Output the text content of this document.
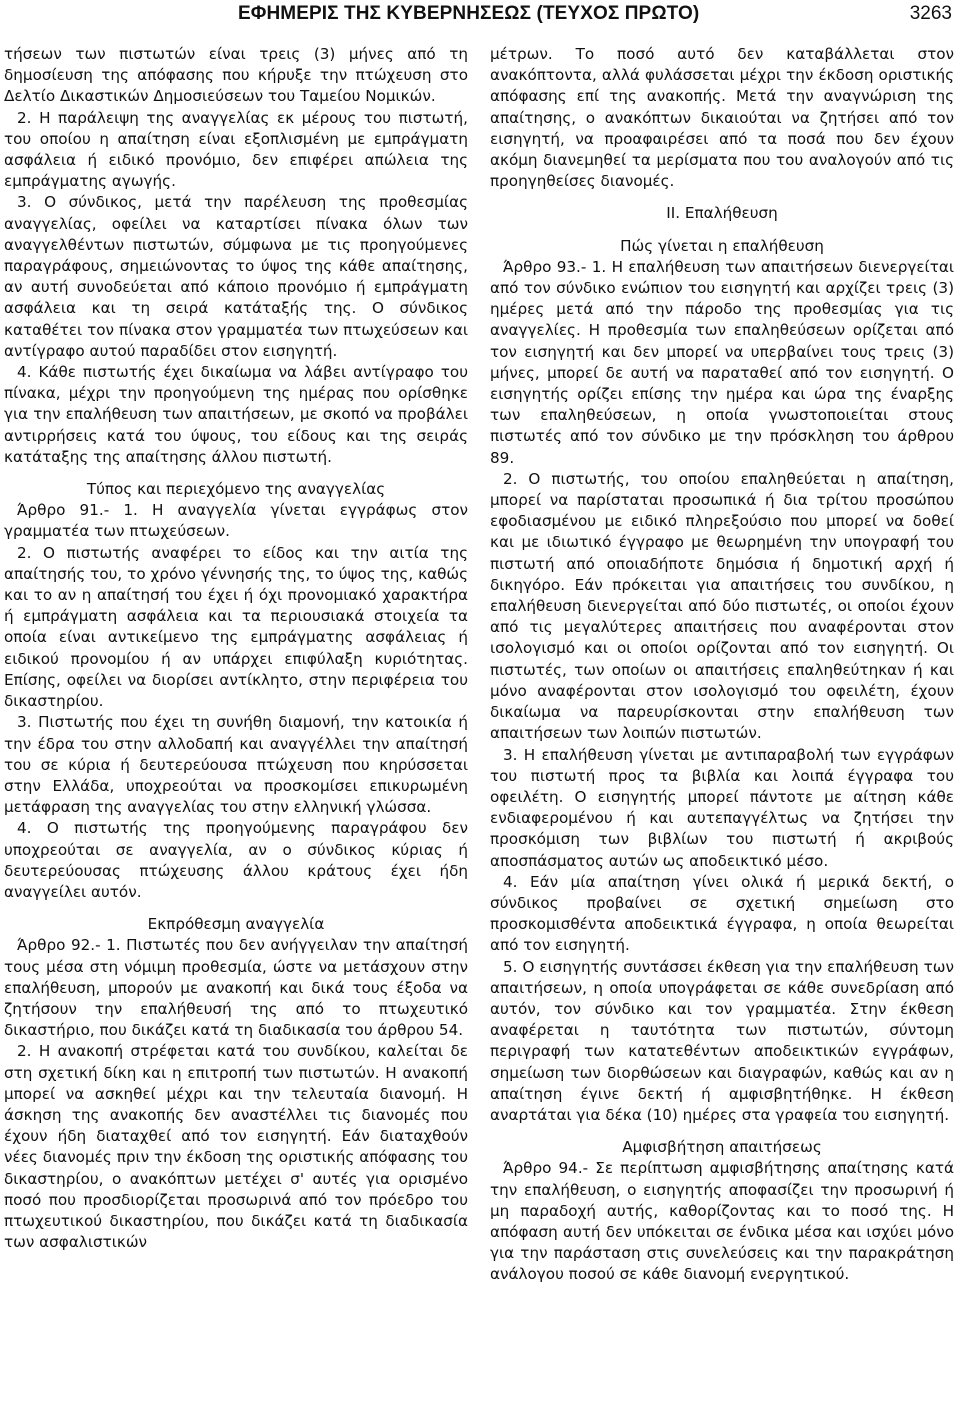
ΕΦΗΜΕΡΙΣ ΤΗΣ ΚΥΒΕΡΝΗΣΕΩΣ (ΤΕΥΧΟΣ ΠΡΩΤΟ)	3263

τήσεων των πιστωτών είναι τρεις (3) μήνες από τη δημοσίευση της απόφασης που κήρυξε την πτώχευση στο Δελτίο Δικαστικών Δημοσιεύσεων του Ταμείου Νομικών.

2. Η παράλειψη της αναγγελίας εκ μέρους του πιστωτή, του οποίου η απαίτηση είναι εξοπλισμένη με εμπράγματη ασφάλεια ή ειδικό προνόμιο, δεν επιφέρει απώλεια της εμπράγματης αγωγής.

3. Ο σύνδικος, μετά την παρέλευση της προθεσμίας αναγγελίας, οφείλει να καταρτίσει πίνακα όλων των αναγγελθέντων πιστωτών, σύμφωνα με τις προηγούμενες παραγράφους, σημειώνοντας το ύψος της κάθε απαίτησης, αν αυτή συνοδεύεται από κάποιο προνόμιο ή εμπράγματη ασφάλεια και τη σειρά κατάταξής της. Ο σύνδικος καταθέτει τον πίνακα στον γραμματέα των πτωχεύσεων και αντίγραφο αυτού παραδίδει στον εισηγητή.

4. Κάθε πιστωτής έχει δικαίωμα να λάβει αντίγραφο του πίνακα, μέχρι την προηγούμενη της ημέρας που ορίσθηκε για την επαλήθευση των απαιτήσεων, με σκοπό να προβάλει αντιρρήσεις κατά του ύψους, του είδους και της σειράς κατάταξης της απαίτησης άλλου πιστωτή.

Τύπος και περιεχόμενο της αναγγελίας

Άρθρο 91.- 1. Η αναγγελία γίνεται εγγράφως στον γραμματέα των πτωχεύσεων.

2. Ο πιστωτής αναφέρει το είδος και την αιτία της απαίτησής του, το χρόνο γέννησής της, το ύψος της, καθώς και το αν η απαίτησή του έχει ή όχι προνομιακό χαρακτήρα ή εμπράγματη ασφάλεια και τα περιουσιακά στοιχεία τα οποία είναι αντικείμενο της εμπράγματης ασφάλειας ή ειδικού προνομίου ή αν υπάρχει επιφύλαξη κυριότητας. Επίσης, οφείλει να διορίσει αντίκλητο, στην περιφέρεια του δικαστηρίου.

3. Πιστωτής που έχει τη συνήθη διαμονή, την κατοικία ή την έδρα του στην αλλοδαπή και αναγγέλλει την απαίτησή του σε κύρια ή δευτερεύουσα πτώχευση που κηρύσσεται στην Ελλάδα, υποχρεούται να προσκομίσει επικυρωμένη μετάφραση της αναγγελίας του στην ελληνική γλώσσα.

4. Ο πιστωτής της προηγούμενης παραγράφου δεν υποχρεούται σε αναγγελία, αν ο σύνδικος κύριας ή δευτερεύουσας πτώχευσης άλλου κράτους έχει ήδη αναγγείλει αυτόν.

Εκπρόθεσμη αναγγελία

Άρθρο 92.- 1. Πιστωτές που δεν ανήγγειλαν την απαίτησή τους μέσα στη νόμιμη προθεσμία, ώστε να μετάσχουν στην επαλήθευση, μπορούν με ανακοπή και δικά τους έξοδα να ζητήσουν την επαλήθευσή της από το πτωχευτικό δικαστήριο, που δικάζει κατά τη διαδικασία του άρθρου 54.

2. Η ανακοπή στρέφεται κατά του συνδίκου, καλείται δε στη σχετική δίκη και η επιτροπή των πιστωτών. Η ανακοπή μπορεί να ασκηθεί μέχρι και την τελευταία διανομή. Η άσκηση της ανακοπής δεν αναστέλλει τις διανομές που έχουν ήδη διαταχθεί από τον εισηγητή. Εάν διαταχθούν νέες διανομές πριν την έκδοση της οριστικής απόφασης του δικαστηρίου, ο ανακόπτων μετέχει σ' αυτές για ορισμένο ποσό που προσδιορίζεται προσωρινά από τον πρόεδρο του πτωχευτικού δικαστηρίου, που δικάζει κατά τη διαδικασία των ασφαλιστικών

μέτρων. Το ποσό αυτό δεν καταβάλλεται στον ανακόπτοντα, αλλά φυλάσσεται μέχρι την έκδοση οριστικής απόφασης επί της ανακοπής. Μετά την αναγνώριση της απαίτησης, ο ανακόπτων δικαιούται να ζητήσει από τον εισηγητή, να προαφαιρέσει από τα ποσά που δεν έχουν ακόμη διανεμηθεί τα μερίσματα που του αναλογούν από τις προηγηθείσες διανομές.

ΙΙ. Επαλήθευση
Πώς γίνεται η επαλήθευση

Άρθρο 93.- 1. Η επαλήθευση των απαιτήσεων διενεργείται από τον σύνδικο ενώπιον του εισηγητή και αρχίζει τρεις (3) ημέρες μετά από την πάροδο της προθεσμίας για τις αναγγελίες. Η προθεσμία των επαληθεύσεων ορίζεται από τον εισηγητή και δεν μπορεί να υπερβαίνει τους τρεις (3) μήνες, μπορεί δε αυτή να παραταθεί από τον εισηγητή. Ο εισηγητής ορίζει επίσης την ημέρα και ώρα της έναρξης των επαληθεύσεων, η οποία γνωστοποιείται στους πιστωτές από τον σύνδικο με την πρόσκληση του άρθρου 89.

2. Ο πιστωτής, του οποίου επαληθεύεται η απαίτηση, μπορεί να παρίσταται προσωπικά ή δια τρίτου προσώπου εφοδιασμένου με ειδικό πληρεξούσιο που μπορεί να δοθεί και με ιδιωτικό έγγραφο με θεωρημένη την υπογραφή του πιστωτή από οποιαδήποτε δημόσια ή δημοτική αρχή ή δικηγόρο. Εάν πρόκειται για απαιτήσεις του συνδίκου, η επαλήθευση διενεργείται από δύο πιστωτές, οι οποίοι έχουν από τις μεγαλύτερες απαιτήσεις που αναφέρονται στον ισολογισμό και οι οποίοι ορίζονται από τον εισηγητή. Οι πιστωτές, των οποίων οι απαιτήσεις επαληθεύτηκαν ή και μόνο αναφέρονται στον ισολογισμό του οφειλέτη, έχουν δικαίωμα να παρευρίσκονται στην επαλήθευση των απαιτήσεων των λοιπών πιστωτών.

3. Η επαλήθευση γίνεται με αντιπαραβολή των εγγράφων του πιστωτή προς τα βιβλία και λοιπά έγγραφα του οφειλέτη. Ο εισηγητής μπορεί πάντοτε με αίτηση κάθε ενδιαφερομένου ή και αυτεπαγγέλτως να ζητήσει την προσκόμιση των βιβλίων του πιστωτή ή ακριβούς αποσπάσματος αυτών ως αποδεικτικό μέσο.

4. Εάν μία απαίτηση γίνει ολικά ή μερικά δεκτή, ο σύνδικος προβαίνει σε σχετική σημείωση στο προσκομισθέντα αποδεικτικά έγγραφα, η οποία θεωρείται από τον εισηγητή.

5. Ο εισηγητής συντάσσει έκθεση για την επαλήθευση των απαιτήσεων, η οποία υπογράφεται σε κάθε συνεδρίαση από αυτόν, τον σύνδικο και τον γραμματέα. Στην έκθεση αναφέρεται η ταυτότητα των πιστωτών, σύντομη περιγραφή των κατατεθέντων αποδεικτικών εγγράφων, σημείωση των διορθώσεων και διαγραφών, καθώς και αν η απαίτηση έγινε δεκτή ή αμφισβητήθηκε. Η έκθεση αναρτάται για δέκα (10) ημέρες στα γραφεία του εισηγητή.

Αμφισβήτηση απαιτήσεως

Άρθρο 94.- Σε περίπτωση αμφισβήτησης απαίτησης κατά την επαλήθευση, ο εισηγητής αποφασίζει την προσωρινή ή μη παραδοχή αυτής, καθορίζοντας και το ποσό της. Η απόφαση αυτή δεν υπόκειται σε ένδικα μέσα και ισχύει μόνο για την παράσταση στις συνελεύσεις και την παρακράτηση ανάλογου ποσού σε κάθε διανομή ενεργητικού.
